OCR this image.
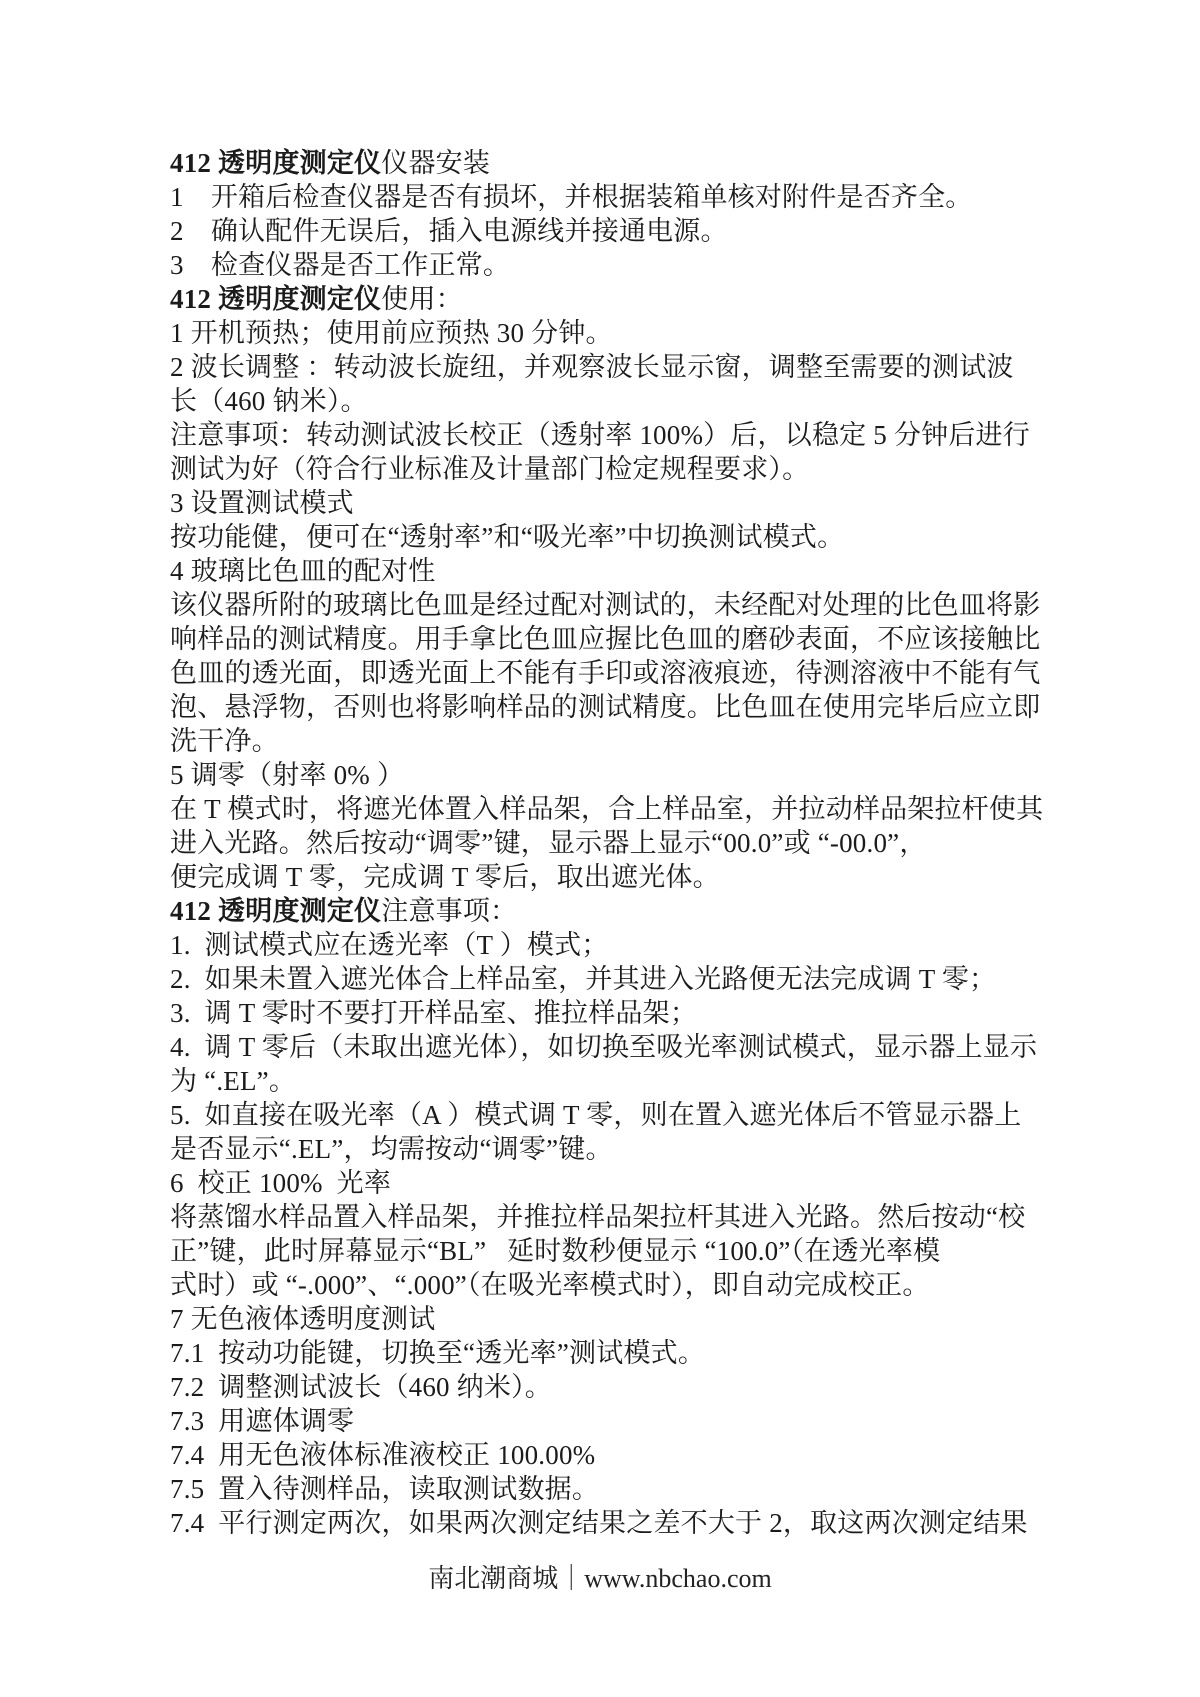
412 透明度测定仪仪器安装
1　开箱后检查仪器是否有损坏，并根据装箱单核对附件是否齐全。
2　确认配件无误后，插入电源线并接通电源。
3　检查仪器是否工作正常。
412 透明度测定仪使用：
1 开机预热；使用前应预热 30 分钟。
2 波长调整 ：转动波长旋纽，并观察波长显示窗，调整至需要的测试波
长（460 钠米）。
注意事项：转动测试波长校正（透射率 100%）后，以稳定 5 分钟后进行
测试为好（符合行业标准及计量部门检定规程要求）。
3 设置测试模式
按功能健，便可在“透射率”和“吸光率”中切换测试模式。
4 玻璃比色皿的配对性
该仪器所附的玻璃比色皿是经过配对测试的，未经配对处理的比色皿将影
响样品的测试精度。用手拿比色皿应握比色皿的磨砂表面，不应该接触比
色皿的透光面，即透光面上不能有手印或溶液痕迹，待测溶液中不能有气
泡、悬浮物，否则也将影响样品的测试精度。比色皿在使用完毕后应立即
洗干净。
5 调零（射率 0% ）
在 T 模式时，将遮光体置入样品架，合上样品室，并拉动样品架拉杆使其
进入光路。然后按动“调零”键，显示器上显示“00.0”或 “-00.0”，
便完成调 T 零，完成调 T 零后，取出遮光体。
412 透明度测定仪注意事项：
1.  测试模式应在透光率（T ）模式；
2.  如果未置入遮光体合上样品室，并其进入光路便无法完成调 T 零；
3.  调 T 零时不要打开样品室、推拉样品架；
4.  调 T 零后（未取出遮光体），如切换至吸光率测试模式，显示器上显示
为 “.EL”。
5.  如直接在吸光率（A ）模式调 T 零，则在置入遮光体后不管显示器上
是否显示“.EL”，均需按动“调零”键。
6  校正 100%  光率
将蒸馏水样品置入样品架，并推拉样品架拉杆其进入光路。然后按动“校
正”键，此时屏幕显示“BL”   延时数秒便显示 “100.0”（在透光率模
式时）或 “-.000”、“.000”（在吸光率模式时），即自动完成校正。
7 无色液体透明度测试
7.1  按动功能键，切换至“透光率”测试模式。
7.2  调整测试波长（460 纳米）。
7.3  用遮体调零
7.4  用无色液体标准液校正 100.00%
7.5  置入待测样品，读取测试数据。
7.4  平行测定两次，如果两次测定结果之差不大于 2，取这两次测定结果
南北潮商城｜www.nbchao.com
